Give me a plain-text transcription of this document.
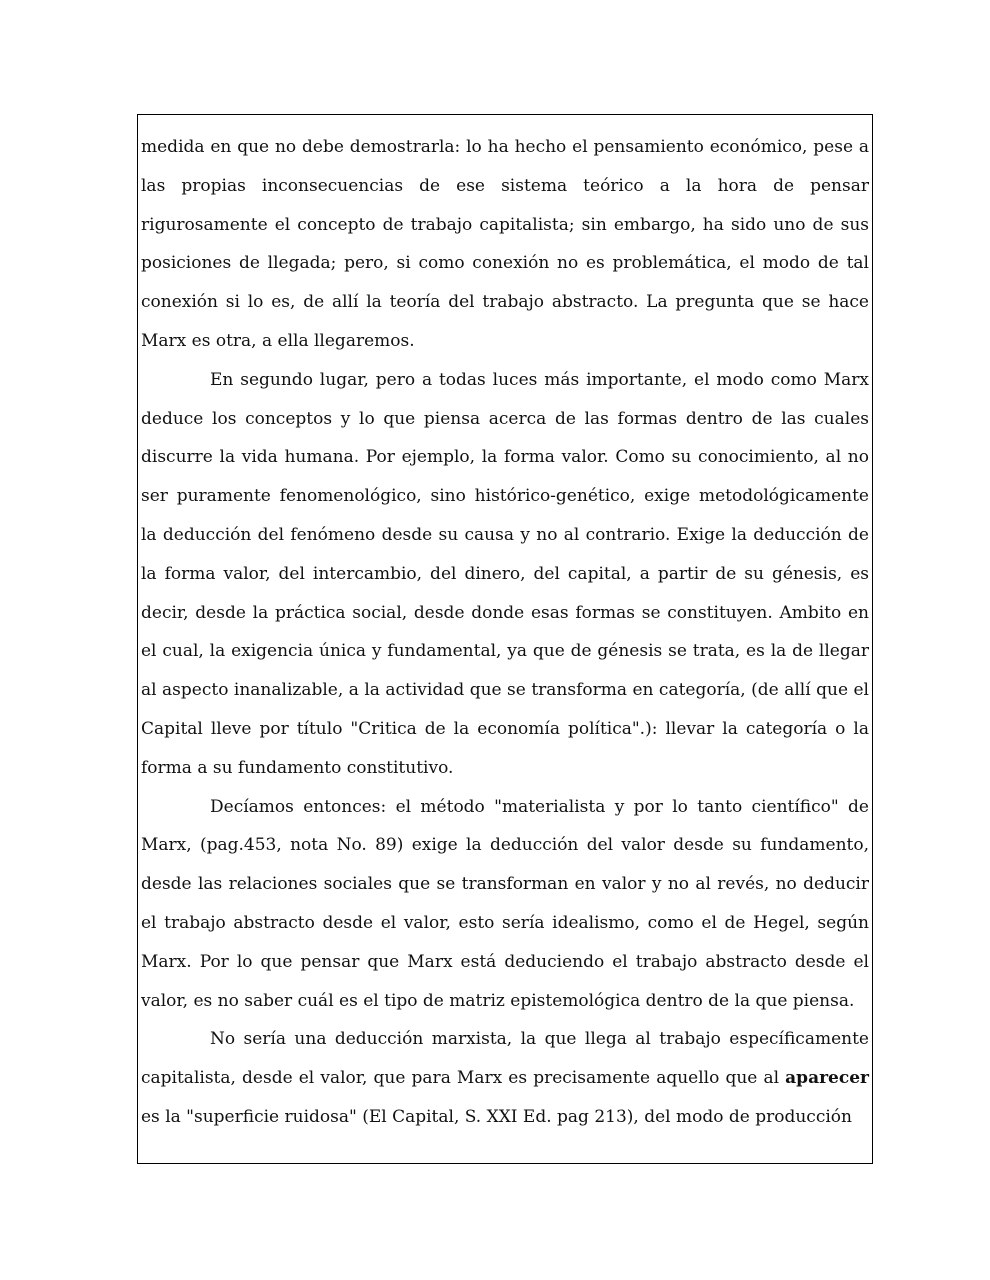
medida en que no debe demostrarla: lo ha hecho el pensamiento económico, pese a las propias inconsecuencias de ese sistema teórico a la hora de pensar rigurosamente el concepto de trabajo capitalista; sin embargo, ha sido uno de sus posiciones de llegada; pero, si como conexión no es problemática, el modo de tal conexión si lo es, de allí la teoría del trabajo abstracto. La pregunta que se hace Marx es otra, a ella llegaremos.

En segundo lugar, pero a todas luces más importante, el modo como Marx deduce los conceptos y lo que piensa acerca de las formas dentro de las cuales discurre la vida humana. Por ejemplo, la forma valor. Como su conocimiento, al no ser puramente fenomenológico, sino histórico-genético, exige metodológicamente la deducción del fenómeno desde su causa y no al contrario. Exige la deducción de la forma valor, del intercambio, del dinero, del capital, a partir de su génesis, es decir, desde la práctica social, desde donde esas formas se constituyen. Ambito en el cual, la exigencia única y fundamental, ya que de génesis se trata, es la de llegar al aspecto inanalizable, a la actividad que se transforma en categoría, (de allí que el Capital lleve por título "Critica de la economía política".): llevar la categoría o la forma a su fundamento constitutivo.

Decíamos entonces: el método "materialista y por lo tanto científico" de Marx, (pag.453, nota No. 89) exige la deducción del valor desde su fundamento, desde las relaciones sociales que se transforman en valor y no al revés, no deducir el trabajo abstracto desde el valor, esto sería idealismo, como el de Hegel, según Marx. Por lo que pensar que Marx está deduciendo el trabajo abstracto desde el valor, es no saber cuál es el tipo de matriz epistemológica dentro de la que piensa.

No sería una deducción marxista, la que llega al trabajo específicamente capitalista, desde el valor, que para Marx es precisamente aquello que al aparecer es la "superficie ruidosa" (El Capital, S. XXI Ed. pag 213), del modo de producción
